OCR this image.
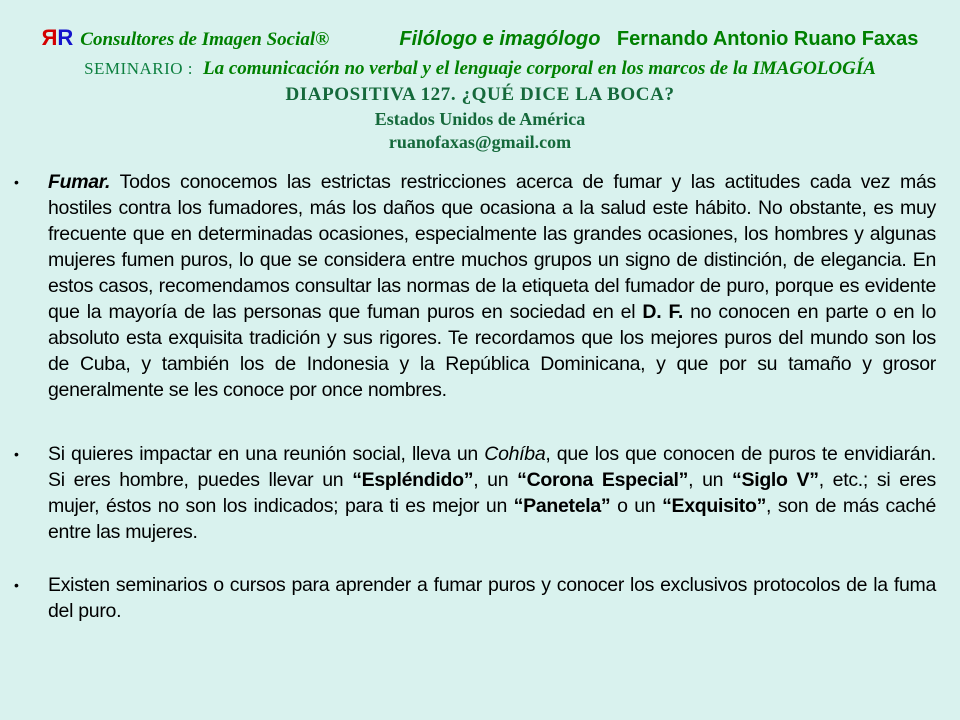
ЯR Consultores de Imagen Social®	Filólogo e imagólogo Fernando Antonio Ruano Faxas
SEMINARIO : La comunicación no verbal y el lenguaje corporal en los marcos de la IMAGOLOGÍA
DIAPOSITIVA 127. ¿QUÉ DICE LA BOCA?
Estados Unidos de América
ruanofaxas@gmail.com
•	Fumar. Todos conocemos las estrictas restricciones acerca de fumar y las actitudes cada vez más hostiles contra los fumadores, más los daños que ocasiona a la salud este hábito. No obstante, es muy frecuente que en determinadas ocasiones, especialmente las grandes ocasiones, los hombres y algunas mujeres fumen puros, lo que se considera entre muchos grupos un signo de distinción, de elegancia. En estos casos, recomendamos consultar las normas de la etiqueta del fumador de puro, porque es evidente que la mayoría de las personas que fuman puros en sociedad en el D. F. no conocen en parte o en lo absoluto esta exquisita tradición y sus rigores. Te recordamos que los mejores puros del mundo son los de Cuba, y también los de Indonesia y la República Dominicana, y que por su tamaño y grosor generalmente se les conoce por once nombres.
•	Si quieres impactar en una reunión social, lleva un Cohíba, que los que conocen de puros te envidiarán. Si eres hombre, puedes llevar un “Espléndido”, un “Corona Especial”, un “Siglo V”, etc.; si eres mujer, éstos no son los indicados; para ti es mejor un “Panetela” o un “Exquisito”, son de más caché entre las mujeres.
•	Existen seminarios o cursos para aprender a fumar puros y conocer los exclusivos protocolos de la fuma del puro.
